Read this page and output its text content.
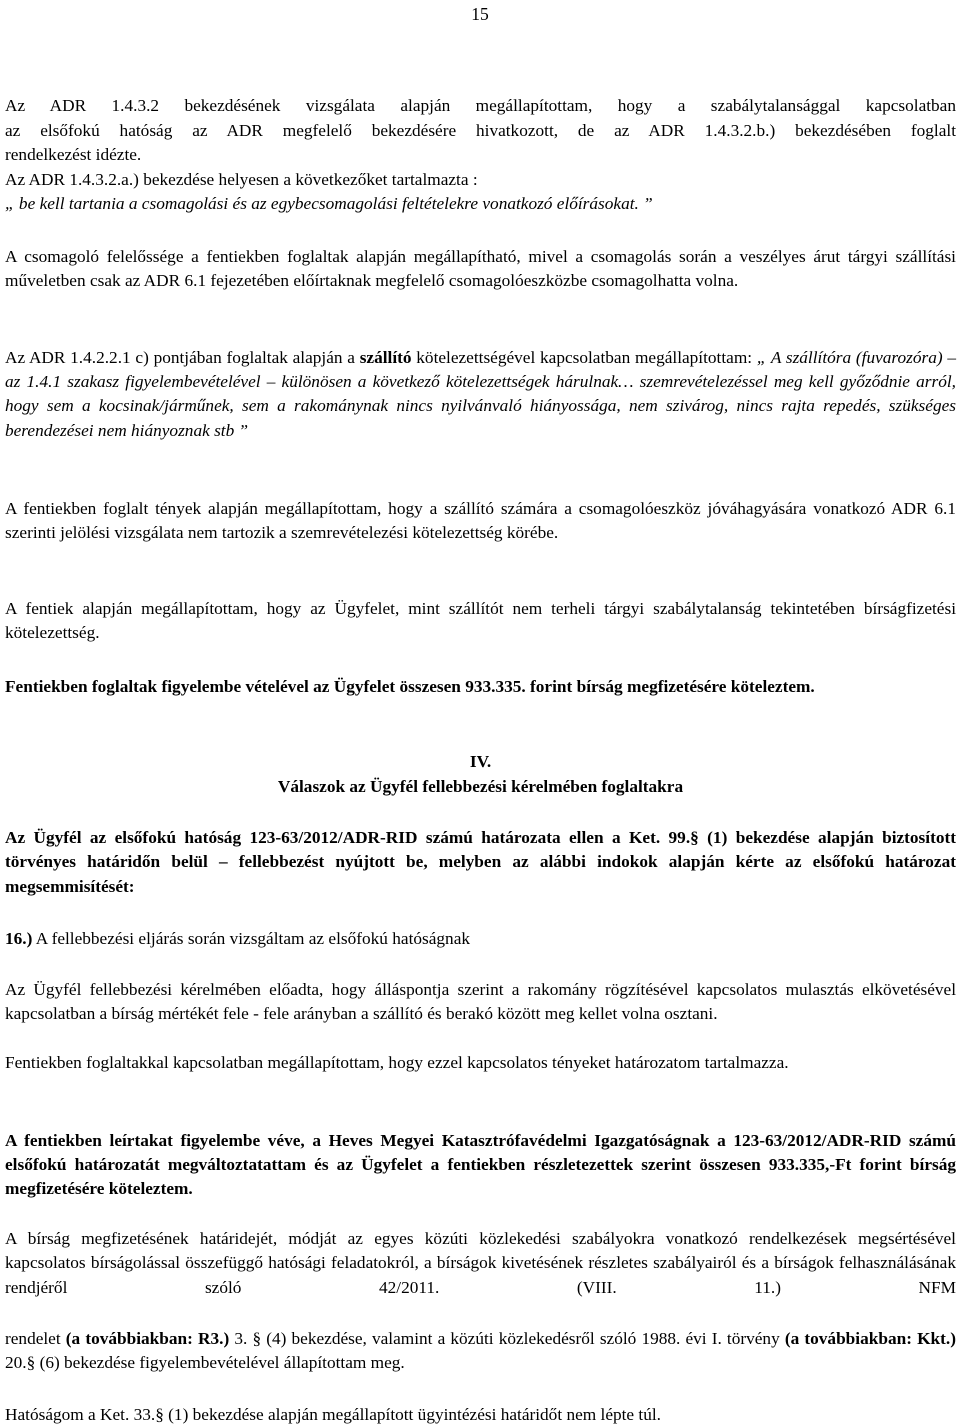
15
Az ADR 1.4.3.2 bekezdésének vizsgálata alapján megállapítottam, hogy a szabálytalansággal kapcsolatban
az elsőfokú hatóság az ADR megfelelő bekezdésére hivatkozott, de az ADR 1.4.3.2.b.) bekezdésében foglalt
rendelkezést idézte.
Az ADR 1.4.3.2.a.) bekezdése helyesen a következőket tartalmazta :
„ be kell tartania a csomagolási és az egybecsomagolási feltételekre vonatkozó előírásokat. ”
A csomagoló felelőssége a fentiekben foglaltak alapján megállapítható, mivel a csomagolás során a veszélyes árut tárgyi szállítási műveletben csak az ADR 6.1 fejezetében előírtaknak megfelelő csomagolóeszközbe csomagolhatta volna.
Az ADR 1.4.2.2.1 c) pontjában foglaltak alapján a szállító kötelezettségével kapcsolatban megállapítottam: „ A szállítóra (fuvarozóra) – az 1.4.1 szakasz figyelembevételével – különösen a következő kötelezettségek hárulnak… szemrevételezéssel meg kell győződnie arról, hogy sem a kocsinak/járműnek, sem a rakománynak nincs nyilvánvaló hiányossága, nem szivárog, nincs rajta repedés, szükséges berendezései nem hiányoznak stb ”
A fentiekben foglalt tények alapján megállapítottam, hogy a szállító számára a csomagolóeszköz jóváhagyására vonatkozó ADR 6.1 szerinti jelölési vizsgálata nem tartozik a szemrevételezési kötelezettség körébe.
A fentiek alapján megállapítottam, hogy az Ügyfelet, mint szállítót nem terheli tárgyi szabálytalanság tekintetében bírságfizetési kötelezettség.
Fentiekben foglaltak figyelembe vételével az Ügyfelet összesen 933.335. forint bírság megfizetésére köteleztem.
IV.
Válaszok az Ügyfél fellebbezési kérelmében foglaltakra
Az Ügyfél az elsőfokú hatóság 123-63/2012/ADR-RID számú határozata ellen a Ket. 99.§ (1) bekezdése alapján biztosított törvényes határidőn belül – fellebbezést nyújtott be, melyben az alábbi indokok alapján kérte az elsőfokú határozat megsemmisítését:
16.) A fellebbezési eljárás során vizsgáltam az elsőfokú hatóságnak
Az Ügyfél fellebbezési kérelmében előadta, hogy álláspontja szerint a rakomány rögzítésével kapcsolatos mulasztás elkövetésével kapcsolatban a bírság mértékét fele - fele arányban a szállító és berakó között meg kellet volna osztani.
Fentiekben foglaltakkal kapcsolatban megállapítottam, hogy ezzel kapcsolatos tényeket határozatom tartalmazza.
A fentiekben leírtakat figyelembe véve, a Heves Megyei Katasztrófavédelmi Igazgatóságnak a 123-63/2012/ADR-RID számú elsőfokú határozatát megváltoztatattam és az Ügyfelet a fentiekben részletezettek szerint összesen 933.335,-Ft forint bírság megfizetésére köteleztem.
A bírság megfizetésének határidejét, módját az egyes közúti közlekedési szabályokra vonatkozó rendelkezések megsértésével kapcsolatos bírságolással összefüggő hatósági feladatokról, a bírságok kivetésének részletes szabályairól és a bírságok felhasználásának rendjéről szóló 42/2011. (VIII. 11.) NFM
rendelet (a továbbiakban: R3.) 3. § (4) bekezdése, valamint a közúti közlekedésről szóló 1988. évi I. törvény (a továbbiakban: Kkt.) 20.§ (6) bekezdése figyelembevételével állapítottam meg.
Hatóságom a Ket. 33.§ (1) bekezdése alapján megállapított ügyintézési határidőt nem lépte túl.
